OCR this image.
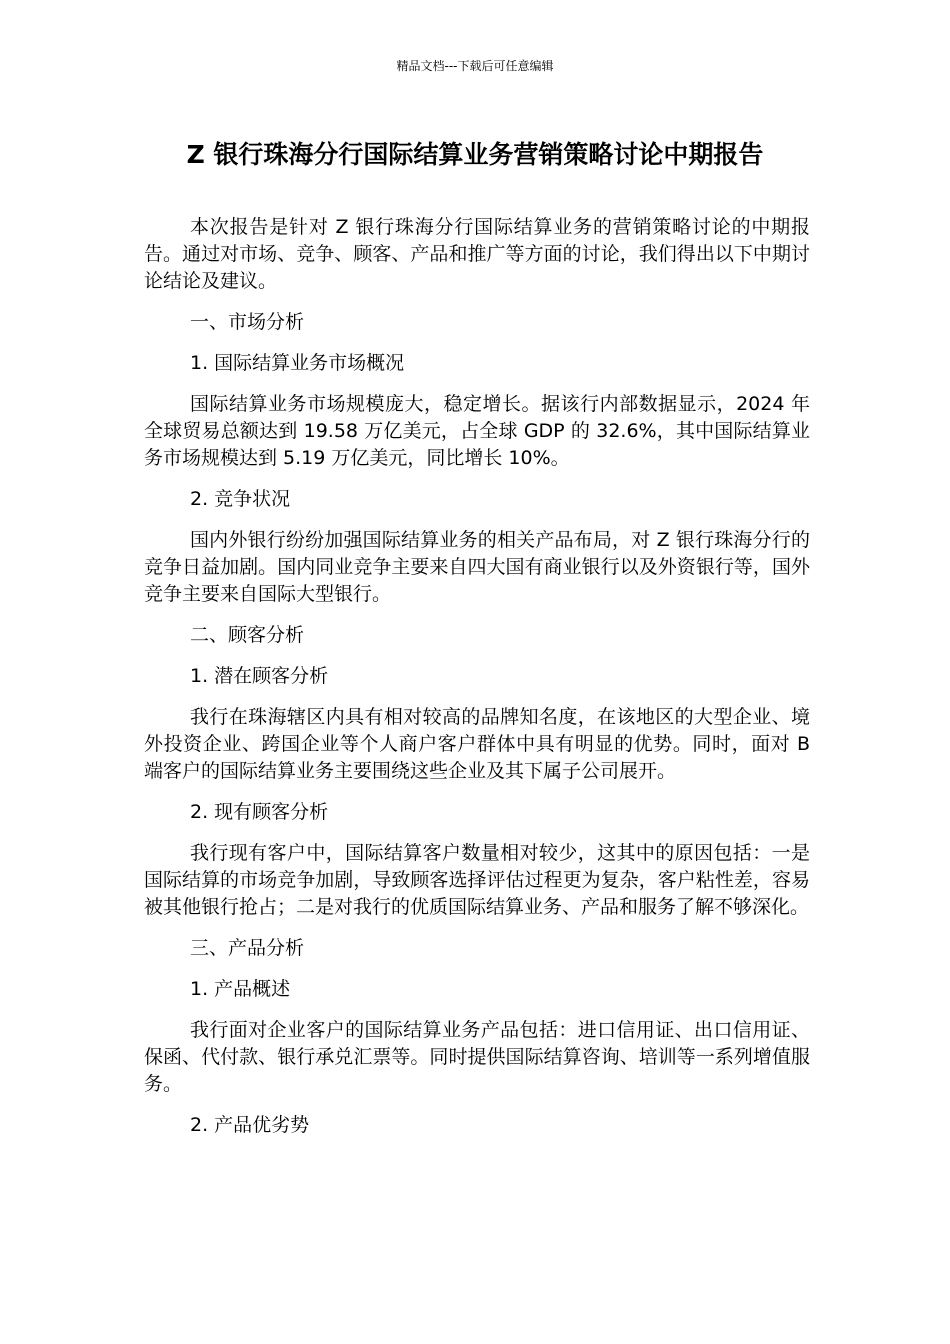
精品文档---下载后可任意编辑
Z 银行珠海分行国际结算业务营销策略讨论中期报告

本次报告是针对 Z 银行珠海分行国际结算业务的营销策略讨论的中期报告。通过对市场、竞争、顾客、产品和推广等方面的讨论，我们得出以下中期讨论结论及建议。

一、市场分析

1. 国际结算业务市场概况

国际结算业务市场规模庞大，稳定增长。据该行内部数据显示，2024 年全球贸易总额达到 19.58 万亿美元，占全球 GDP 的 32.6%，其中国际结算业务市场规模达到 5.19 万亿美元，同比增长 10%。

2. 竞争状况

国内外银行纷纷加强国际结算业务的相关产品布局，对 Z 银行珠海分行的竞争日益加剧。国内同业竞争主要来自四大国有商业银行以及外资银行等，国外竞争主要来自国际大型银行。

二、顾客分析

1. 潜在顾客分析

我行在珠海辖区内具有相对较高的品牌知名度，在该地区的大型企业、境外投资企业、跨国企业等个人商户客户群体中具有明显的优势。同时，面对 B 端客户的国际结算业务主要围绕这些企业及其下属子公司展开。

2. 现有顾客分析

我行现有客户中，国际结算客户数量相对较少，这其中的原因包括：一是国际结算的市场竞争加剧，导致顾客选择评估过程更为复杂，客户粘性差，容易被其他银行抢占；二是对我行的优质国际结算业务、产品和服务了解不够深化。

三、产品分析

1. 产品概述

我行面对企业客户的国际结算业务产品包括：进口信用证、出口信用证、保函、代付款、银行承兑汇票等。同时提供国际结算咨询、培训等一系列增值服务。

2. 产品优劣势
